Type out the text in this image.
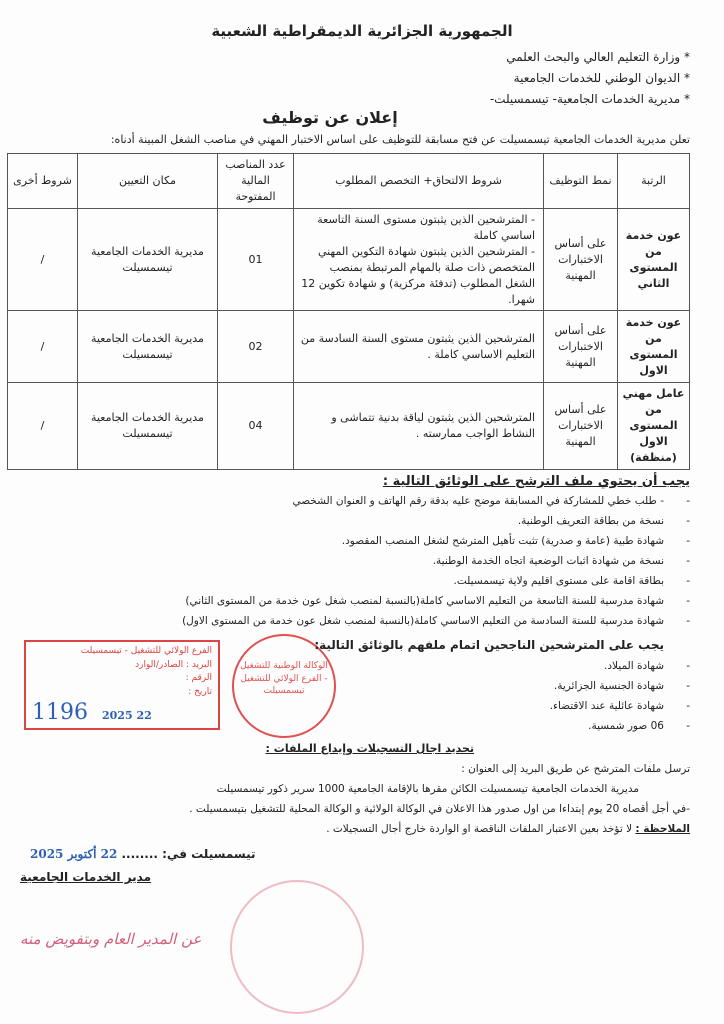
الجمهورية الجزائرية الديمقراطية الشعبية
* وزارة التعليم العالي والبحث العلمي
* الديوان الوطني للخدمات الجامعية
* مديرية الخدمات الجامعية- تيسمسيلت-
إعلان عن توظيف
تعلن مديرية الخدمات الجامعية تيسمسيلت عن فتح مسابقة للتوظيف على اساس الاختبار المهني في مناصب الشغل المبينة أدناه:
الرتبة	نمط التوظيف	شروط الالتحاق+ التخصص المطلوب	عدد المناصب المالية المفتوحة	مكان التعيين	شروط أخرى
عون خدمة من المستوى الثاني	على أساس الاختبارات المهنية	- المترشحين الذين يثبتون مستوى السنة التاسعة اساسي كاملة
- المترشحين الذين يثبتون شهادة التكوين المهني المتخصص ذات صلة بالمهام المرتبطة بمنصب الشغل المطلوب (تدفئة مركزية) و شهادة تكوين 12 شهرا.	01	مديرية الخدمات الجامعية تيسمسيلت	/
عون خدمة من المستوى الاول	على أساس الاختبارات المهنية	المترشحين الذين يثبتون مستوى السنة السادسة من التعليم الاساسي كاملة .	02	مديرية الخدمات الجامعية تيسمسيلت	/
عامل مهني من المستوى الاول (منظفة)	على أساس الاختبارات المهنية	المترشحين الذين يثبتون لياقة بدنية تتماشى و النشاط الواجب ممارسته .	04	مديرية الخدمات الجامعية تيسمسيلت	/
يجب أن يحتوي ملف الترشح على الوثائق التالية :
تحديد اجال التسجيلات وإيداع الملفات :
ترسل ملفات المترشح عن طريق البريد إلى العنوان :
مديرية الخدمات الجامعية تيسمسيلت الكائن مقرها بالإقامة الجامعية 1000 سرير ذكور تيسمسيلت
-في أجل أقصاه 20 يوم إبتداءا من اول صدور هذا الاعلان في الوكالة الولائية و الوكالة المحلية للتشغيل بتيسمسيلت .
الملاحظة : لا تؤخذ بعين الاعتبار الملفات الناقصة او الواردة خارج أجال التسجيلات .
تيسمسيلت في: ........ 22 أكتوبر 2025
مدير الخدمات الجامعية
الفرع الولائي للتشغيل - تيسمسيلت
البريد : الصادر/الوارد
الرقم :
تاريخ :
1196 2025 22
الوكالة الوطنية للتشغيل - الفرع الولائي للتشغيل تيسمسيلت
عن المدير العام وبتفويض منه
-- طلب خطي للمشاركة في المسابقة موضح عليه بدقة رقم الهاتف و العنوان الشخصي
-نسخة من بطاقة التعريف الوطنية.
-شهادة طبية (عامة و صدرية) تثبت تأهيل المترشح لشغل المنصب المقصود.
-نسخة من شهادة اثبات الوضعية اتجاه الخدمة الوطنية.
-بطاقة اقامة على مستوى اقليم ولاية تيسمسيلت.
-شهادة مدرسية للسنة التاسعة من التعليم الاساسي كاملة(بالنسبة لمنصب شغل عون خدمة من المستوى الثاني)
-شهادة مدرسية للسنة السادسة من التعليم الاساسي كاملة(بالنسبة لمنصب شغل عون خدمة من المستوى الاول)
يجب على المترشحين الناجحين اتمام ملفهم بالوثائق التالية:
-شهادة الميلاد.
-شهادة الجنسية الجزائرية.
-شهادة عائلية عند الاقتضاء.
-06 صور شمسية.
